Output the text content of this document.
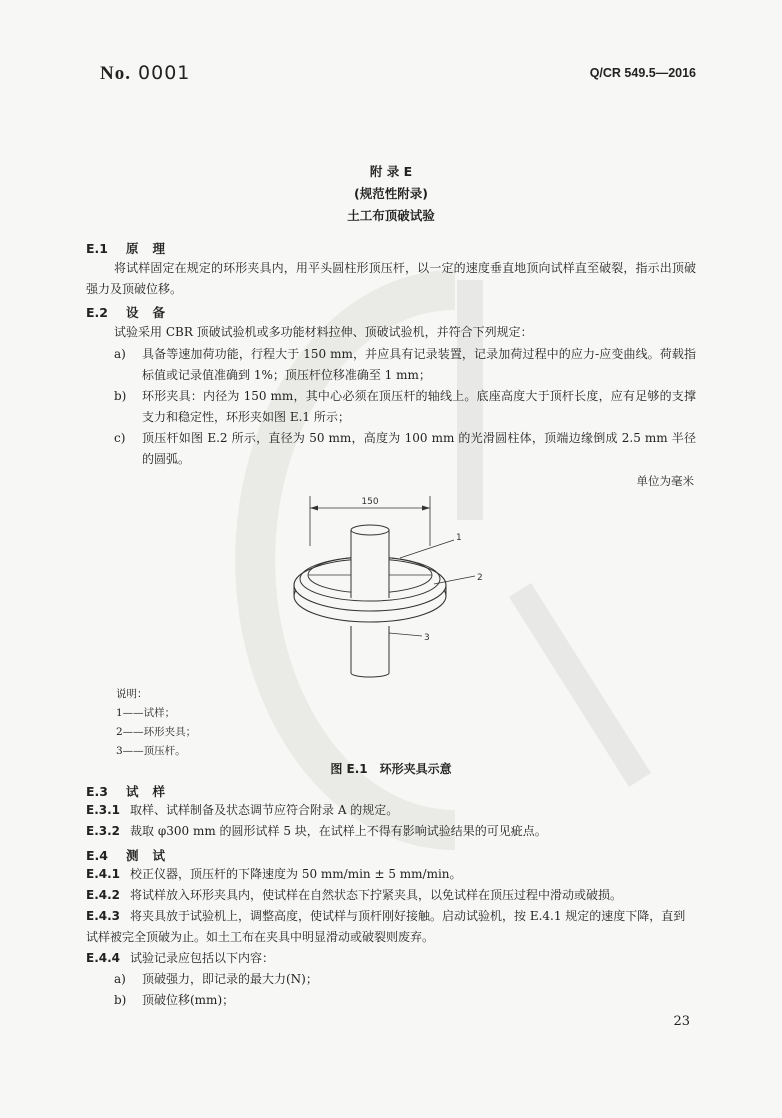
No. 0001	Q/CR 549.5—2016
附 录 E
(规范性附录)
土工布顶破试验
E.1 原理
将试样固定在规定的环形夹具内，用平头圆柱形顶压杆，以一定的速度垂直地顶向试样直至破裂，指示出顶破强力及顶破位移。
E.2 设备
试验采用 CBR 顶破试验机或多功能材料拉伸、顶破试验机，并符合下列规定：
a) 具备等速加荷功能，行程大于 150 mm，并应具有记录装置，记录加荷过程中的应力-应变曲线。荷载指标值或记录值准确到 1%；顶压杆位移准确至 1 mm；
b) 环形夹具：内径为 150 mm，其中心必须在顶压杆的轴线上。底座高度大于顶杆长度，应有足够的支撑支力和稳定性，环形夹如图 E.1 所示；
c) 顶压杆如图 E.2 所示，直径为 50 mm，高度为 100 mm 的光滑圆柱体，顶端边缘倒成 2.5 mm 半径的圆弧。
单位为毫米
150
1
2
3
说明：
1——试样；
2——环形夹具；
3——顶压杆。
图 E.1 环形夹具示意
E.3 试样
E.3.1 取样、试样制备及状态调节应符合附录 A 的规定。
E.3.2 裁取 φ300 mm 的圆形试样 5 块，在试样上不得有影响试验结果的可见疵点。
E.4 测试
E.4.1 校正仪器，顶压杆的下降速度为 50 mm/min ± 5 mm/min。
E.4.2 将试样放入环形夹具内，使试样在自然状态下拧紧夹具，以免试样在顶压过程中滑动或破损。
E.4.3 将夹具放于试验机上，调整高度，使试样与顶杆刚好接触。启动试验机，按 E.4.1 规定的速度下降，直到试样被完全顶破为止。如土工布在夹具中明显滑动或破裂则废弃。
E.4.4 试验记录应包括以下内容：
a) 顶破强力，即记录的最大力(N)；
b) 顶破位移(mm)；
23
